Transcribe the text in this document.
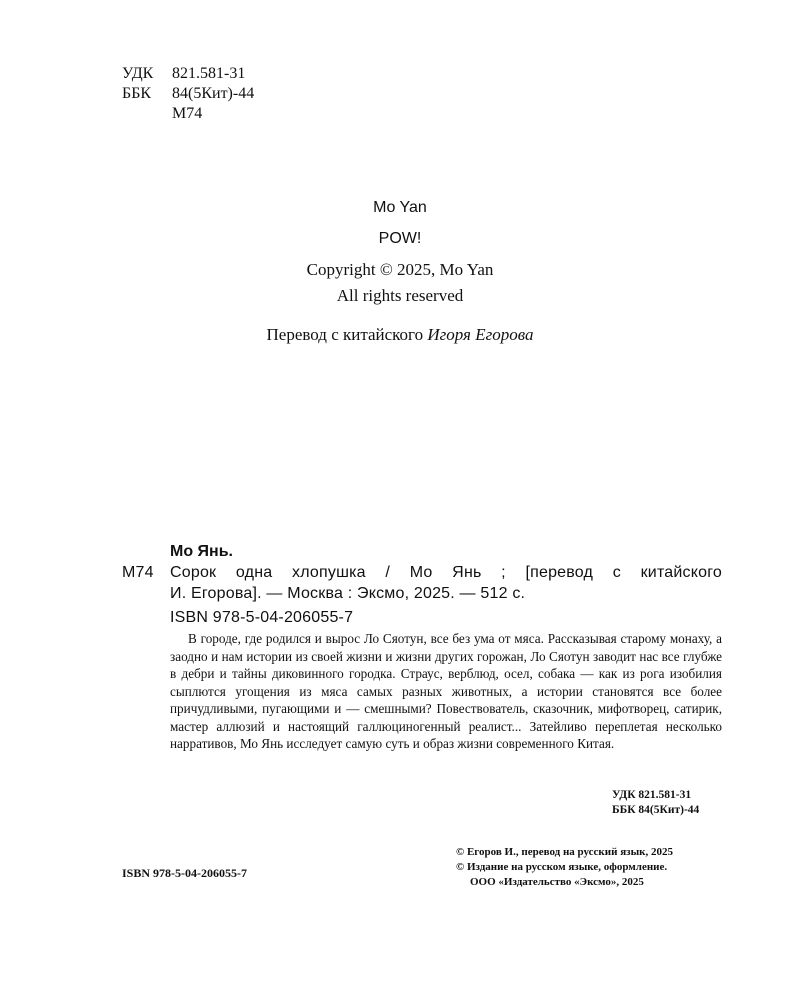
УДК 821.581-31
ББК 84(5Кит)-44
М74
Mo Yan
POW!
Copyright © 2025, Mo Yan
All rights reserved
Перевод с китайского Игоря Егорова
Мо Янь.
М74 Сорок одна хлопушка / Мо Янь ; [перевод с китайского
И. Егорова]. — Москва : Эксмо, 2025. — 512 с.
ISBN 978-5-04-206055-7
В городе, где родился и вырос Ло Сяотун, все без ума от мяса. Рассказывая старому монаху, а заодно и нам истории из своей жизни и жизни других горожан, Ло Сяотун заводит нас все глубже в дебри и тайны диковинного городка. Страус, верблюд, осел, собака — как из рога изобилия сыплются угощения из мяса самых разных животных, а истории становятся все более причудливыми, пугающими и — смешными? Повествователь, сказочник, мифотворец, сатирик, мастер аллюзий и настоящий галлюциногенный реалист... Затейливо переплетая несколько нарративов, Мо Янь исследует самую суть и образ жизни современного Китая.
УДК 821.581-31
ББК 84(5Кит)-44
ISBN 978-5-04-206055-7
© Егоров И., перевод на русский язык, 2025
© Издание на русском языке, оформление.
ООО «Издательство «Эксмо», 2025
